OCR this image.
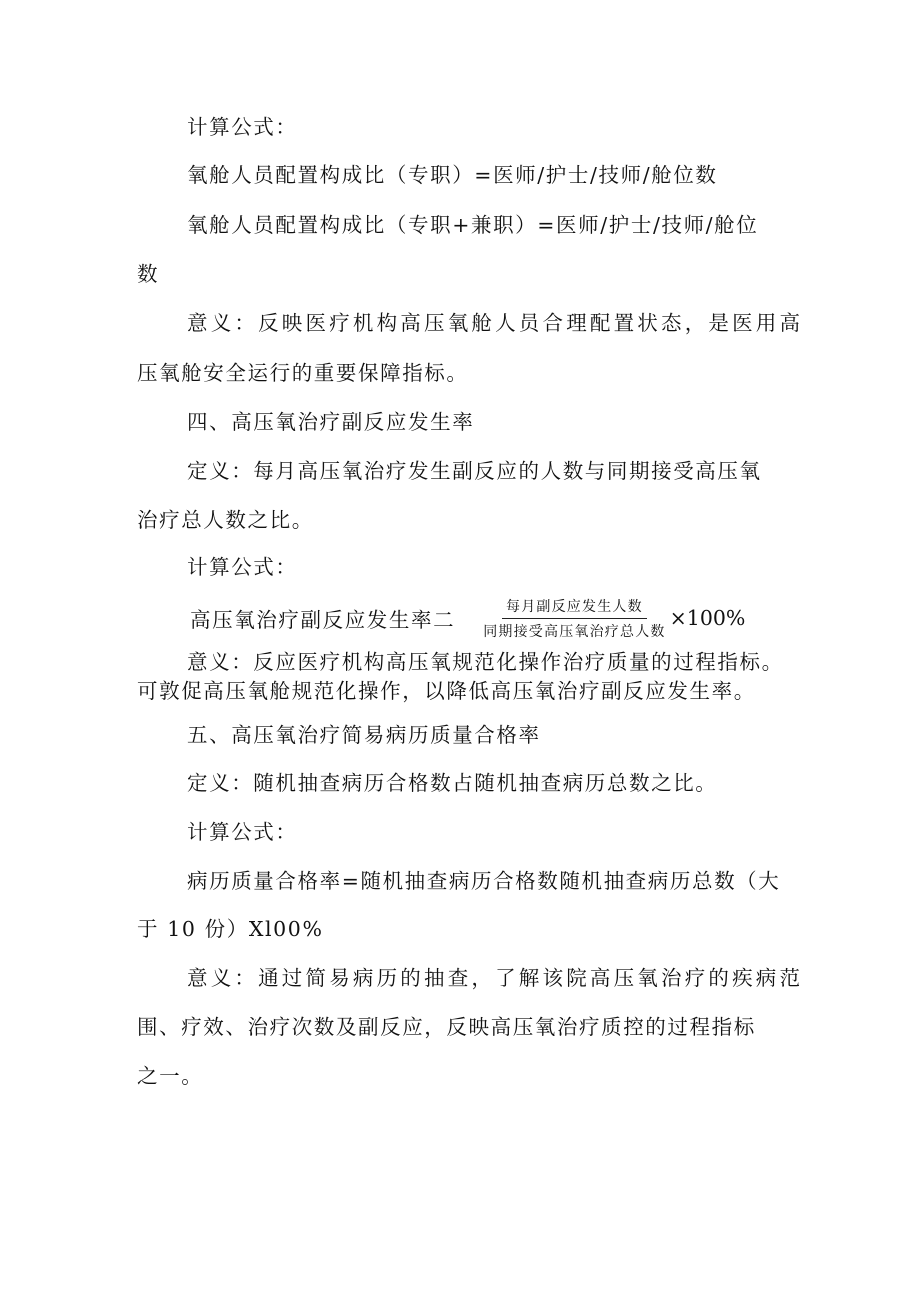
计算公式：
氧舱人员配置构成比（专职）=医师/护士/技师/舱位数
氧舱人员配置构成比（专职+兼职）=医师/护士/技师/舱位
数
意义：反映医疗机构高压氧舱人员合理配置状态，是医用高
压氧舱安全运行的重要保障指标。
四、高压氧治疗副反应发生率
定义：每月高压氧治疗发生副反应的人数与同期接受高压氧
治疗总人数之比。
计算公式：
高压氧治疗副反应发生率二 $\frac{\text{每月副反应发生人数}}{\text{同期接受高压氧治疗总人数}} \times 100\%$
意义：反应医疗机构高压氧规范化操作治疗质量的过程指标。
可敦促高压氧舱规范化操作，以降低高压氧治疗副反应发生率。
五、高压氧治疗简易病历质量合格率
定义：随机抽查病历合格数占随机抽查病历总数之比。
计算公式：
病历质量合格率=随机抽查病历合格数随机抽查病历总数（大
于 10 份）Xl00%
意义：通过简易病历的抽查，了解该院高压氧治疗的疾病范
围、疗效、治疗次数及副反应，反映高压氧治疗质控的过程指标
之一。
